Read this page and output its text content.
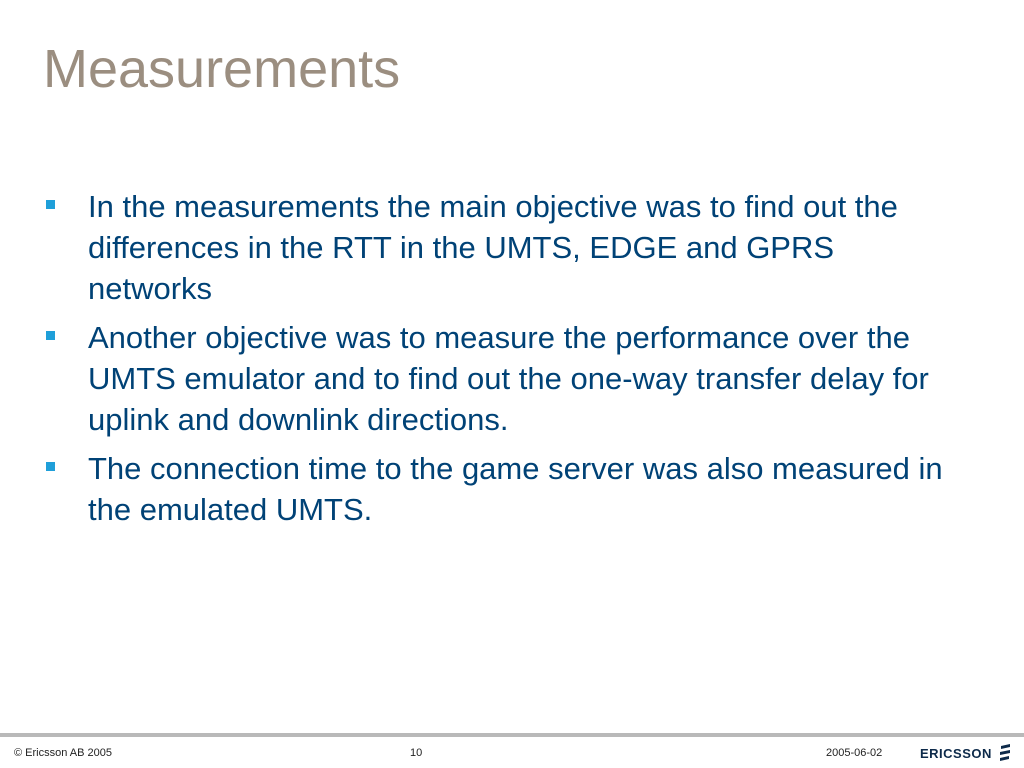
Measurements
In the measurements the main objective was to find out the differences in the RTT in the UMTS, EDGE and GPRS networks
Another objective was to measure the performance over the UMTS emulator and to find out the one-way transfer delay for uplink and downlink directions.
The connection time to the game server was also measured in the emulated UMTS.
© Ericsson AB 2005	10	2005-06-02	ERICSSON
